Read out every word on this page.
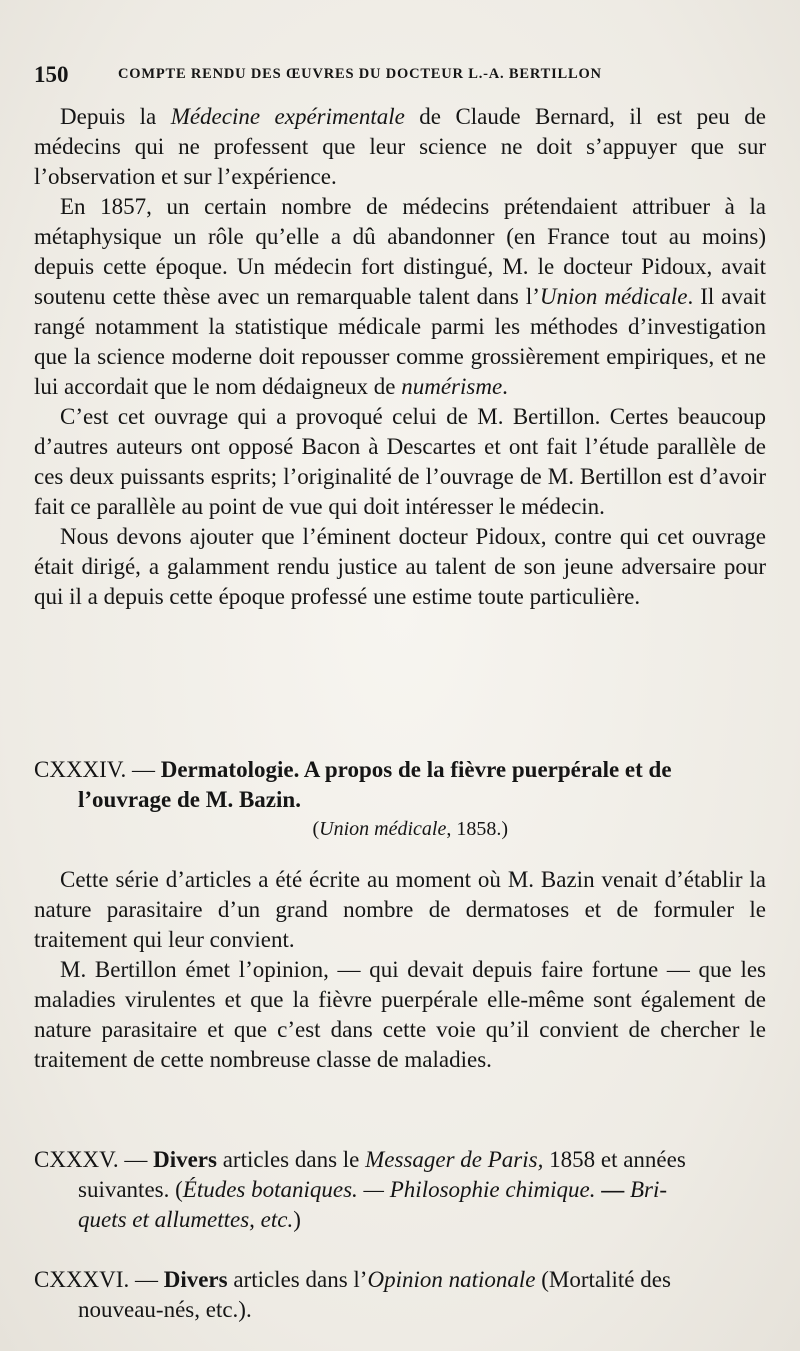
150	COMPTE RENDU DES ŒUVRES DU DOCTEUR L.-A. BERTILLON

Depuis la Médecine expérimentale de Claude Bernard, il est peu de médecins qui ne professent que leur science ne doit s’appuyer que sur l’observation et sur l’expérience.

En 1857, un certain nombre de médecins prétendaient attribuer à la métaphysique un rôle qu’elle a dû abandonner (en France tout au moins) depuis cette époque. Un médecin fort distingué, M. le docteur Pidoux, avait soutenu cette thèse avec un remarquable talent dans l’Union médicale. Il avait rangé notamment la statistique médicale parmi les méthodes d’investigation que la science moderne doit repousser comme grossièrement empiriques, et ne lui accordait que le nom dédaigneux de numérisme.

C’est cet ouvrage qui a provoqué celui de M. Bertillon. Certes beaucoup d’autres auteurs ont opposé Bacon à Descartes et ont fait l’étude parallèle de ces deux puissants esprits; l’originalité de l’ouvrage de M. Bertillon est d’avoir fait ce parallèle au point de vue qui doit intéresser le médecin.

Nous devons ajouter que l’éminent docteur Pidoux, contre qui cet ouvrage était dirigé, a galamment rendu justice au talent de son jeune adversaire pour qui il a depuis cette époque professé une estime toute particulière.

CXXXIV. — Dermatologie. A propos de la fièvre puerpérale et de
l’ouvrage de M. Bazin.
(Union médicale, 1858.)

Cette série d’articles a été écrite au moment où M. Bazin venait d’établir la nature parasitaire d’un grand nombre de dermatoses et de formuler le traitement qui leur convient.

M. Bertillon émet l’opinion, — qui devait depuis faire fortune — que les maladies virulentes et que la fièvre puerpérale elle-même sont également de nature parasitaire et que c’est dans cette voie qu’il convient de chercher le traitement de cette nombreuse classe de maladies.

CXXXV. — Divers articles dans le Messager de Paris, 1858 et années
suivantes. (Études botaniques. — Philosophie chimique. — Bri-
quets et allumettes, etc.)
CXXXVI. — Divers articles dans l’Opinion nationale (Mortalité des
nouveau-nés, etc.).
